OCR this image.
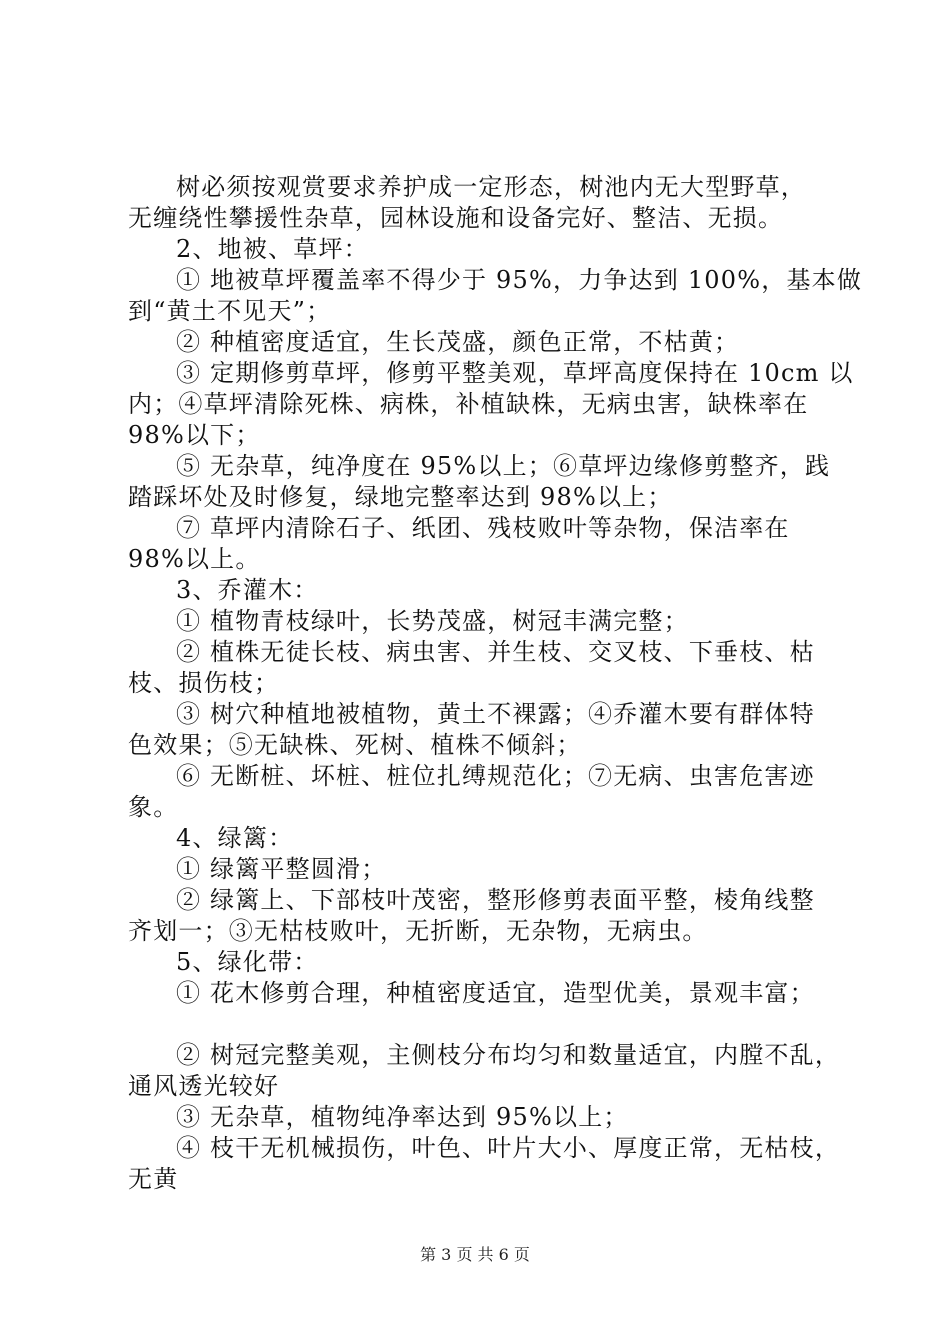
树必须按观赏要求养护成一定形态，树池内无大型野草，
无缠绕性攀援性杂草，园林设施和设备完好、整洁、无损。
2、地被、草坪：
① 地被草坪覆盖率不得少于 95%，力争达到 100%，基本做
到“黄土不见天”；
② 种植密度适宜，生长茂盛，颜色正常，不枯黄；
③ 定期修剪草坪，修剪平整美观，草坪高度保持在 10cm 以
内；④草坪清除死株、病株，补植缺株，无病虫害，缺株率在
98%以下；
⑤ 无杂草，纯净度在 95%以上；⑥草坪边缘修剪整齐，践
踏踩坏处及时修复，绿地完整率达到 98%以上；
⑦ 草坪内清除石子、纸团、残枝败叶等杂物，保洁率在
98%以上。
3、乔灌木：
① 植物青枝绿叶，长势茂盛，树冠丰满完整；
② 植株无徒长枝、病虫害、并生枝、交叉枝、下垂枝、枯
枝、损伤枝；
③ 树穴种植地被植物，黄土不裸露；④乔灌木要有群体特
色效果；⑤无缺株、死树、植株不倾斜；
⑥ 无断桩、坏桩、桩位扎缚规范化；⑦无病、虫害危害迹
象。
4、绿篱：
① 绿篱平整圆滑；
② 绿篱上、下部枝叶茂密，整形修剪表面平整，棱角线整
齐划一；③无枯枝败叶，无折断，无杂物，无病虫。
5、绿化带：
① 花木修剪合理，种植密度适宜，造型优美，景观丰富；
② 树冠完整美观，主侧枝分布均匀和数量适宜，内膛不乱，
通风透光较好
③ 无杂草，植物纯净率达到 95%以上；
④ 枝干无机械损伤，叶色、叶片大小、厚度正常，无枯枝，
无黄
第 3 页 共 6 页
